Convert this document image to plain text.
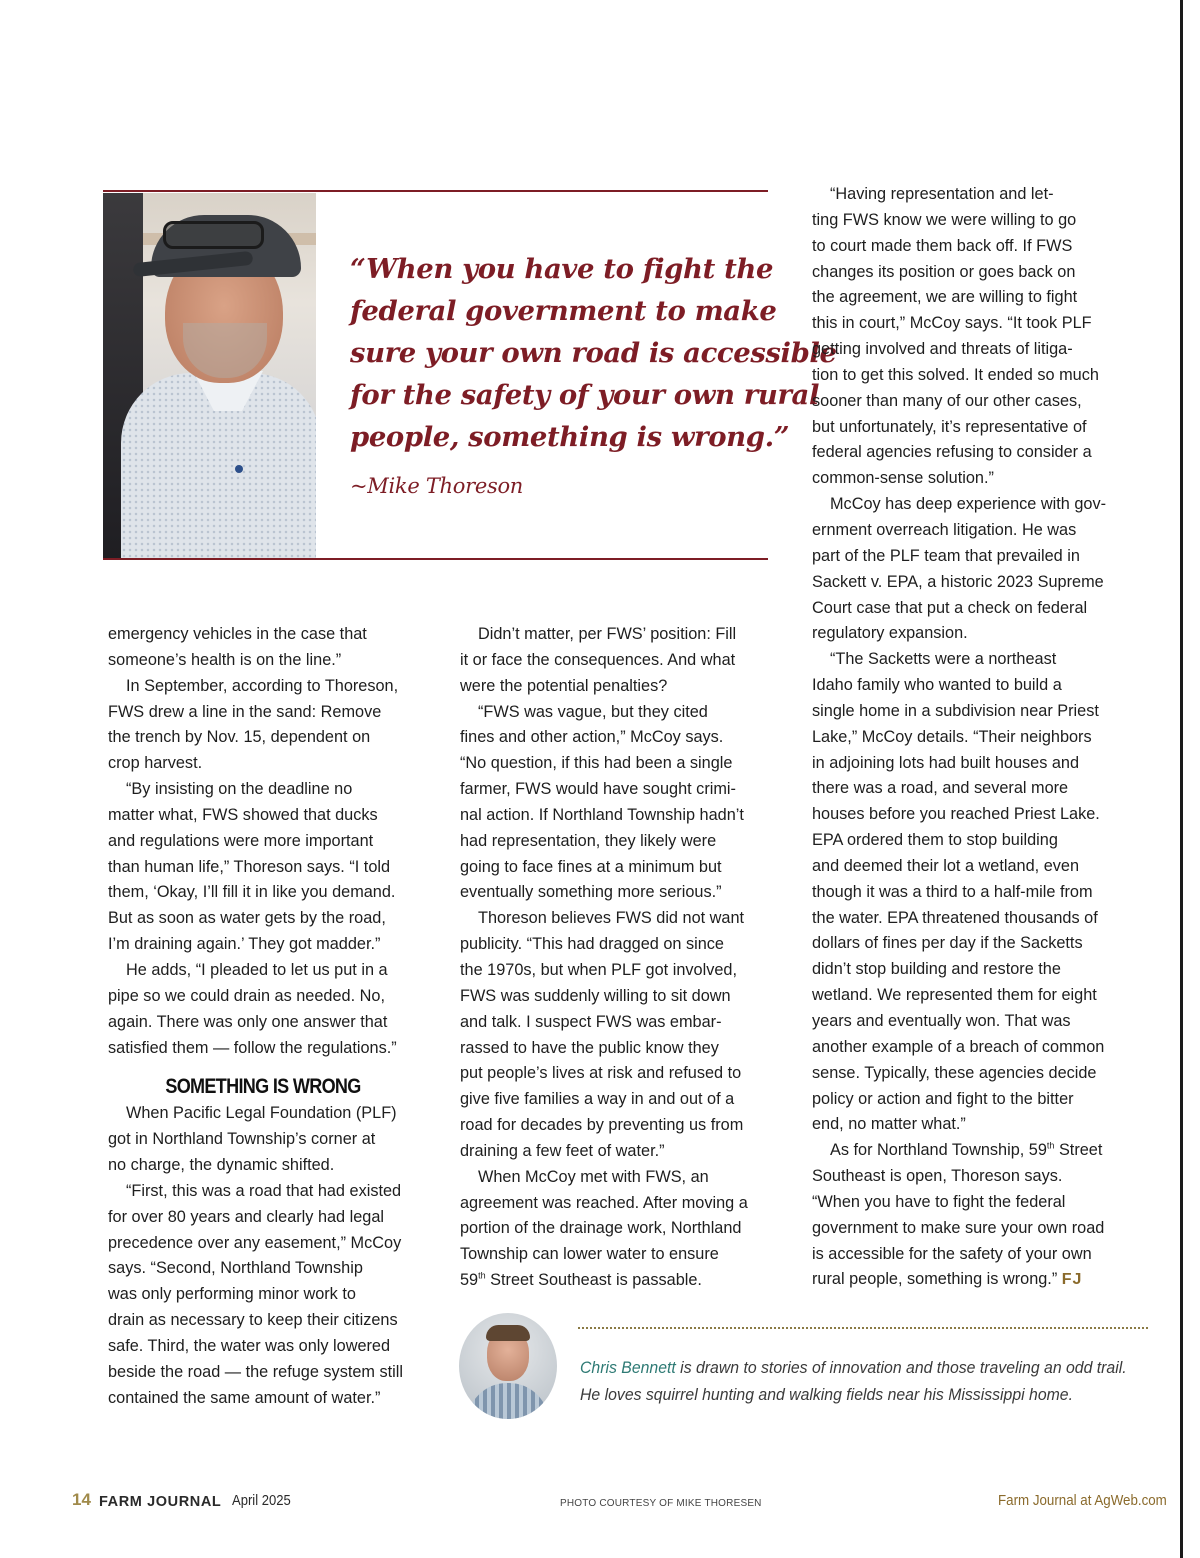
“When you have to fight the
federal government to make
sure your own road is accessible
for the safety of your own rural
people, something is wrong.”
~Mike Thoreson
emergency vehicles in the case that
someone’s health is on the line.”
In September, according to Thoreson,
FWS drew a line in the sand: Remove
the trench by Nov. 15, dependent on
crop harvest.
“By insisting on the deadline no
matter what, FWS showed that ducks
and regulations were more important
than human life,” Thoreson says. “I told
them, ‘Okay, I’ll fill it in like you demand.
But as soon as water gets by the road,
I’m draining again.’ They got madder.”
He adds, “I pleaded to let us put in a
pipe so we could drain as needed. No,
again. There was only one answer that
satisfied them — follow the regulations.”
SOMETHING IS WRONG
When Pacific Legal Foundation (PLF)
got in Northland Township’s corner at
no charge, the dynamic shifted.
“First, this was a road that had existed
for over 80 years and clearly had legal
precedence over any easement,” McCoy
says. “Second, Northland Township
was only performing minor work to
drain as necessary to keep their citizens
safe. Third, the water was only lowered
beside the road — the refuge system still
contained the same amount of water.”
Didn’t matter, per FWS’ position: Fill
it or face the consequences. And what
were the potential penalties?
“FWS was vague, but they cited
fines and other action,” McCoy says.
“No question, if this had been a single
farmer, FWS would have sought crimi-
nal action. If Northland Township hadn’t
had representation, they likely were
going to face fines at a minimum but
eventually something more serious.”
Thoreson believes FWS did not want
publicity. “This had dragged on since
the 1970s, but when PLF got involved,
FWS was suddenly willing to sit down
and talk. I suspect FWS was embar-
rassed to have the public know they
put people’s lives at risk and refused to
give five families a way in and out of a
road for decades by preventing us from
draining a few feet of water.”
When McCoy met with FWS, an
agreement was reached. After moving a
portion of the drainage work, Northland
Township can lower water to ensure
59th Street Southeast is passable.
“Having representation and let-
ting FWS know we were willing to go
to court made them back off. If FWS
changes its position or goes back on
the agreement, we are willing to fight
this in court,” McCoy says. “It took PLF
getting involved and threats of litiga-
tion to get this solved. It ended so much
sooner than many of our other cases,
but unfortunately, it’s representative of
federal agencies refusing to consider a
common-sense solution.”
McCoy has deep experience with gov-
ernment overreach litigation. He was
part of the PLF team that prevailed in
Sackett v. EPA, a historic 2023 Supreme
Court case that put a check on federal
regulatory expansion.
“The Sacketts were a northeast
Idaho family who wanted to build a
single home in a subdivision near Priest
Lake,” McCoy details. “Their neighbors
in adjoining lots had built houses and
there was a road, and several more
houses before you reached Priest Lake.
EPA ordered them to stop building
and deemed their lot a wetland, even
though it was a third to a half-mile from
the water. EPA threatened thousands of
dollars of fines per day if the Sacketts
didn’t stop building and restore the
wetland. We represented them for eight
years and eventually won. That was
another example of a breach of common
sense. Typically, these agencies decide
policy or action and fight to the bitter
end, no matter what.”
As for Northland Township, 59th Street
Southeast is open, Thoreson says.
“When you have to fight the federal
government to make sure your own road
is accessible for the safety of your own
rural people, something is wrong.” FJ
Chris Bennett is drawn to stories of innovation and those traveling an odd trail.
He loves squirrel hunting and walking fields near his Mississippi home.
14 FARM JOURNAL April 2025	PHOTO COURTESY OF MIKE THORESEN	Farm Journal at AgWeb.com
